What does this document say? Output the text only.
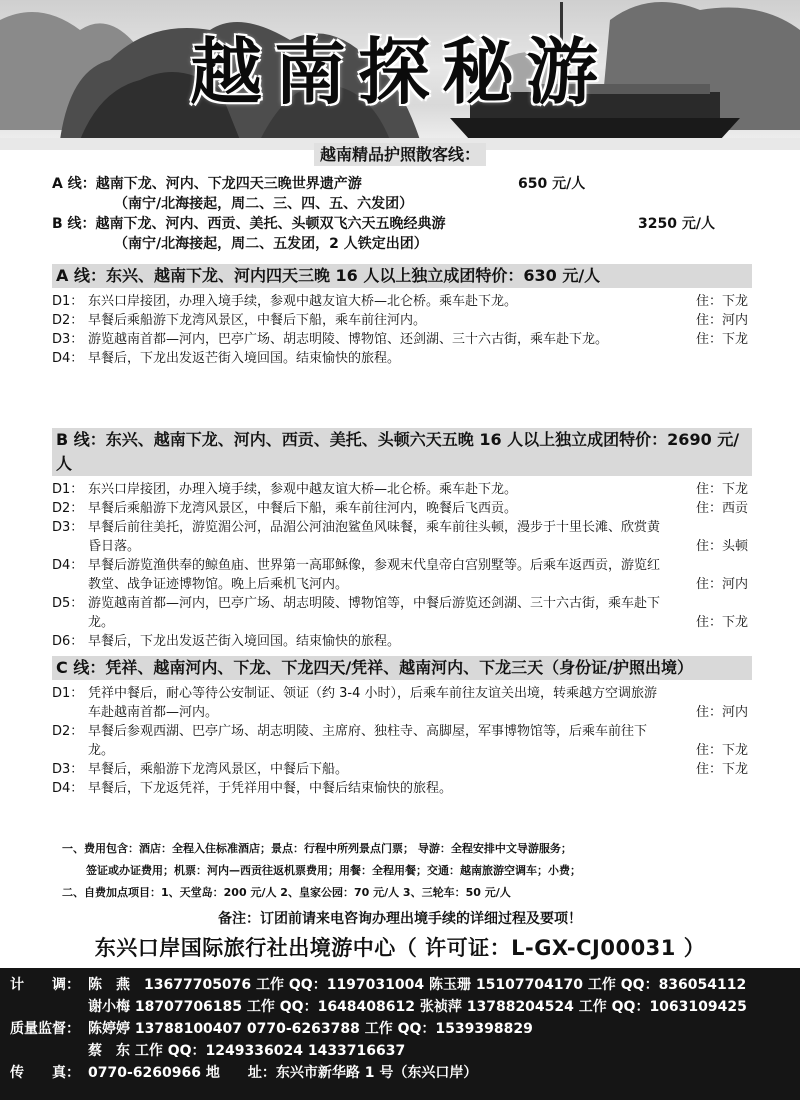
越南探秘游
越南精品护照散客线：
A 线：越南下龙、河内、下龙四天三晚世界遗产游	650 元/人
（南宁/北海接起，周二、三、四、五、六发团）
B 线：越南下龙、河内、西贡、美托、头顿双飞六天五晚经典游	3250 元/人
（南宁/北海接起，周二、五发团，2 人铁定出团）
A 线：东兴、越南下龙、河内四天三晚 16 人以上独立成团特价：630 元/人
D1： 东兴口岸接团，办理入境手续，参观中越友谊大桥—北仑桥。乘车赴下龙。	住：下龙
D2： 早餐后乘船游下龙湾风景区，中餐后下船，乘车前往河内。	住：河内
D3： 游览越南首都—河内，巴亭广场、胡志明陵、博物馆、还剑湖、三十六古街，乘车赴下龙。	住：下龙
D4： 早餐后，下龙出发返芒街入境回国。结束愉快的旅程。
B 线：东兴、越南下龙、河内、西贡、美托、头顿六天五晚 16 人以上独立成团特价：2690 元/人
D1： 东兴口岸接团，办理入境手续，参观中越友谊大桥—北仑桥。乘车赴下龙。	住：下龙
D2： 早餐后乘船游下龙湾风景区，中餐后下船，乘车前往河内，晚餐后飞西贡。	住：西贡
D3： 早餐后前往美托，游览湄公河，品湄公河油泡鲨鱼风味餐，乘车前往头顿，漫步于十里长滩、欣赏黄昏日落。	住：头顿
D4： 早餐后游览渔供奉的鲸鱼庙、世界第一高耶稣像，参观末代皇帝白宫别墅等。后乘车返西贡，游览红教堂、战争证迹博物馆。晚上后乘机飞河内。	住：河内
D5： 游览越南首都—河内，巴亭广场、胡志明陵、博物馆等，中餐后游览还剑湖、三十六古街，乘车赴下龙。	住：下龙
D6： 早餐后，下龙出发返芒街入境回国。结束愉快的旅程。
C 线：凭祥、越南河内、下龙、下龙四天/凭祥、越南河内、下龙三天（身份证/护照出境）
D1： 凭祥中餐后，耐心等待公安制证、领证（约 3-4 小时），后乘车前往友谊关出境，转乘越方空调旅游车赴越南首都—河内。	住：河内
D2： 早餐后参观西湖、巴亭广场、胡志明陵、主席府、独柱寺、高脚屋，军事博物馆等，后乘车前往下龙。	住：下龙
D3： 早餐后，乘船游下龙湾风景区，中餐后下船。	住：下龙
D4： 早餐后，下龙返凭祥，于凭祥用中餐，中餐后结束愉快的旅程。
一、费用包含：酒店：全程入住标准酒店；景点：行程中所列景点门票； 导游：全程安排中文导游服务；
签证或办证费用；机票：河内—西贡往返机票费用；用餐：全程用餐；交通：越南旅游空调车；小费；
二、自费加点项目：1、天堂岛：200 元/人 2、皇家公园：70 元/人 3、三轮车：50 元/人
备注：订团前请来电咨询办理出境手续的详细过程及要项！
东兴口岸国际旅行社出境游中心（ 许可证：L-GX-CJ00031 ）
计　　调： 陈　燕　13677705076 工作 QQ：1197031004 陈玉珊 15107704170 工作 QQ：836054112
谢小梅 18707706185 工作 QQ：1648408612 张祯萍 13788204524 工作 QQ：1063109425
质量监督： 陈婷婷 13788100407 0770-6263788 工作 QQ：1539398829
蔡　东 工作 QQ：1249336024 1433716637
传　　真： 0770-6260966 地　　址：东兴市新华路 1 号（东兴口岸）
